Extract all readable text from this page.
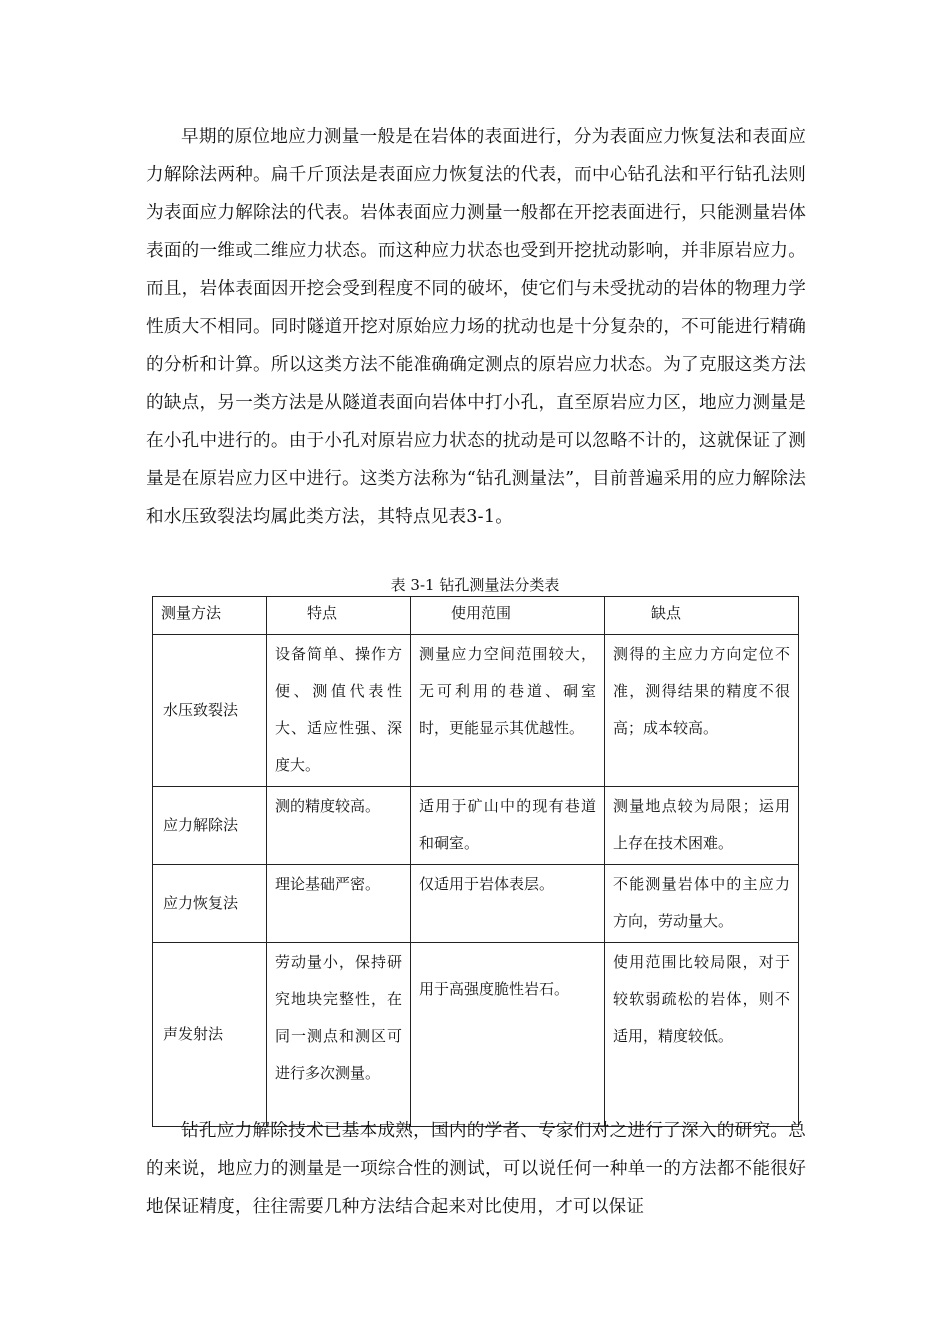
早期的原位地应力测量一般是在岩体的表面进行，分为表面应力恢复法和表面应力解除法两种。扁千斤顶法是表面应力恢复法的代表，而中心钻孔法和平行钻孔法则为表面应力解除法的代表。岩体表面应力测量一般都在开挖表面进行，只能测量岩体表面的一维或二维应力状态。而这种应力状态也受到开挖扰动影响，并非原岩应力。而且，岩体表面因开挖会受到程度不同的破坏，使它们与未受扰动的岩体的物理力学性质大不相同。同时隧道开挖对原始应力场的扰动也是十分复杂的，不可能进行精确的分析和计算。所以这类方法不能准确确定测点的原岩应力状态。为了克服这类方法的缺点，另一类方法是从隧道表面向岩体中打小孔，直至原岩应力区，地应力测量是在小孔中进行的。由于小孔对原岩应力状态的扰动是可以忽略不计的，这就保证了测量是在原岩应力区中进行。这类方法称为“钻孔测量法”，目前普遍采用的应力解除法和水压致裂法均属此类方法，其特点见表3-1。

表 3-1 钻孔测量法分类表
测量方法	特点	使用范围	缺点
水压致裂法	设备简单、操作方便、测值代表性大、适应性强、深度大。	测量应力空间范围较大，无可利用的巷道、硐室时，更能显示其优越性。	测得的主应力方向定位不准，测得结果的精度不很高；成本较高。
应力解除法	测的精度较高。	适用于矿山中的现有巷道和硐室。	测量地点较为局限；运用上存在技术困难。
应力恢复法	理论基础严密。	仅适用于岩体表层。	不能测量岩体中的主应力方向，劳动量大。
声发射法	劳动量小，保持研究地块完整性，在同一测点和测区可进行多次测量。	用于高强度脆性岩石。	使用范围比较局限，对于较软弱疏松的岩体，则不适用，精度较低。

钻孔应力解除技术已基本成熟，国内的学者、专家们对之进行了深入的研究。总的来说，地应力的测量是一项综合性的测试，可以说任何一种单一的方法都不能很好地保证精度，往往需要几种方法结合起来对比使用，才可以保证
